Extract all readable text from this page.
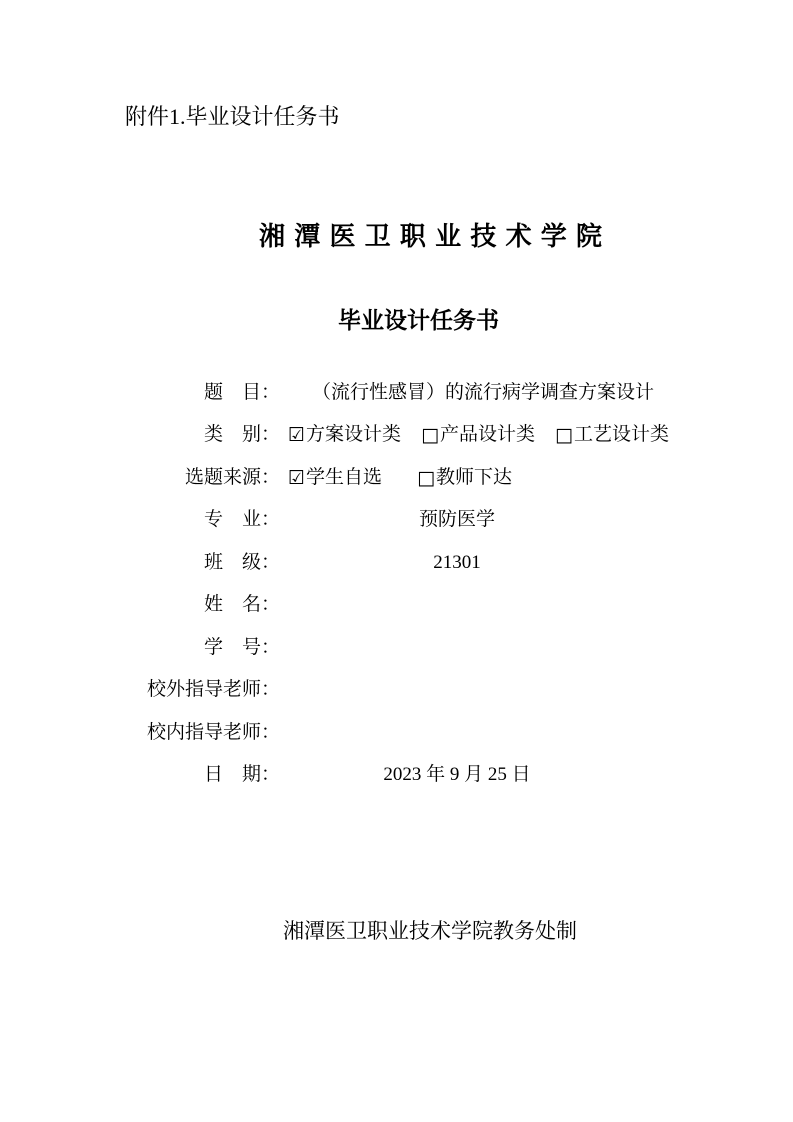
附件1.毕业设计任务书
湘 潭 医 卫 职 业 技 术 学 院
毕业设计任务书
题　目： （流行性感冒）的流行病学调查方案设计
类　别： ☑ 方案设计类 □ 产品设计类 □ 工艺设计类
选题来源： ☑ 学生自选 □ 教师下达
专　业：	预防医学
班　级：	21301
姓　名：
学　号：
校外指导老师：
校内指导老师：
日　期：	2023 年 9 月 25 日
湘潭医卫职业技术学院教务处制
